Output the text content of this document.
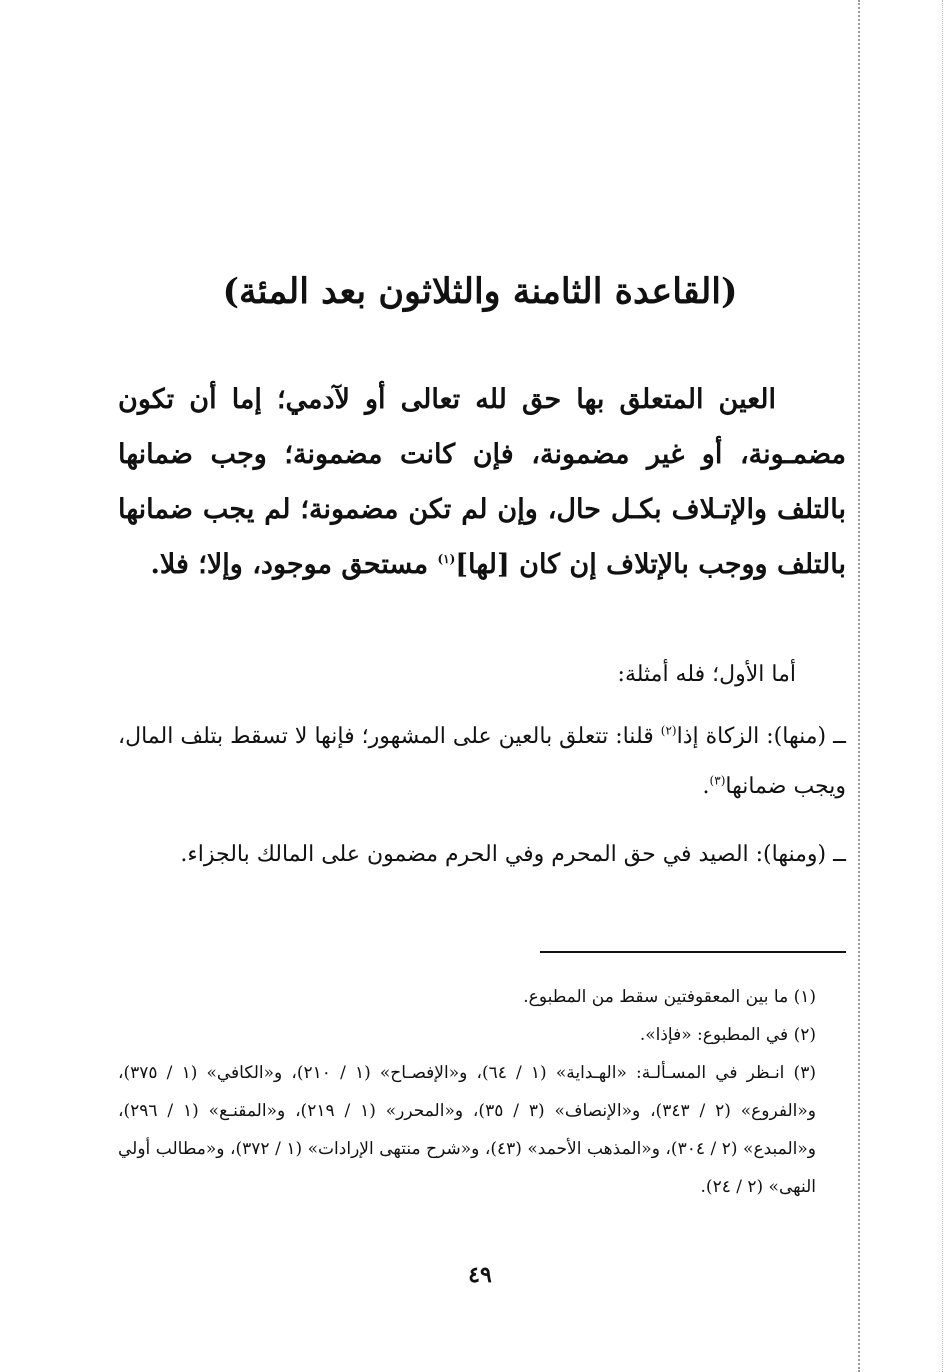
(القاعدة الثامنة والثلاثون بعد المئة)
العين المتعلق بها حق لله تعالى أو لآدمي؛ إما أن تكون مضمـونة، أو غير مضمونة، فإن كانت مضمونة؛ وجب ضمانها بالتلف والإتـلاف بكـل حال، وإن لم تكن مضمونة؛ لم يجب ضمانها بالتلف ووجب بالإتلاف إن كان [لها]$^{(١)}$ مستحق موجود، وإلا؛ فلا.
أما الأول؛ فله أمثلة:
ــ (منها): الزكاة إذا$^{(٢)}$ قلنا: تتعلق بالعين على المشهور؛ فإنها لا تسقط بتلف المال، ويجب ضمانها$^{(٣)}$.
ــ (ومنها): الصيد في حق المحرم وفي الحرم مضمون على المالك بالجزاء.

(١) ما بين المعقوفتين سقط من المطبوع.

(٢) في المطبوع: «فإذا».

(٣) انـظر في المسـألـة: «الهـداية» (١ / ٦٤)، و«الإفصـاح» (١ / ٢١٠)، و«الكافي» (١ / ٣٧٥)، و«الفروع» (٢ / ٣٤٣)، و«الإنصاف» (٣ / ٣٥)، و«المحرر» (١ / ٢١٩)، و«المقنـع» (١ / ٢٩٦)، و«المبدع» (٢ / ٣٠٤)، و«المذهب الأحمد» (٤٣)، و«شرح منتهى الإرادات» (١ / ٣٧٢)، و«مطالب أولي النهى» (٢ / ٢٤).

٤٩
